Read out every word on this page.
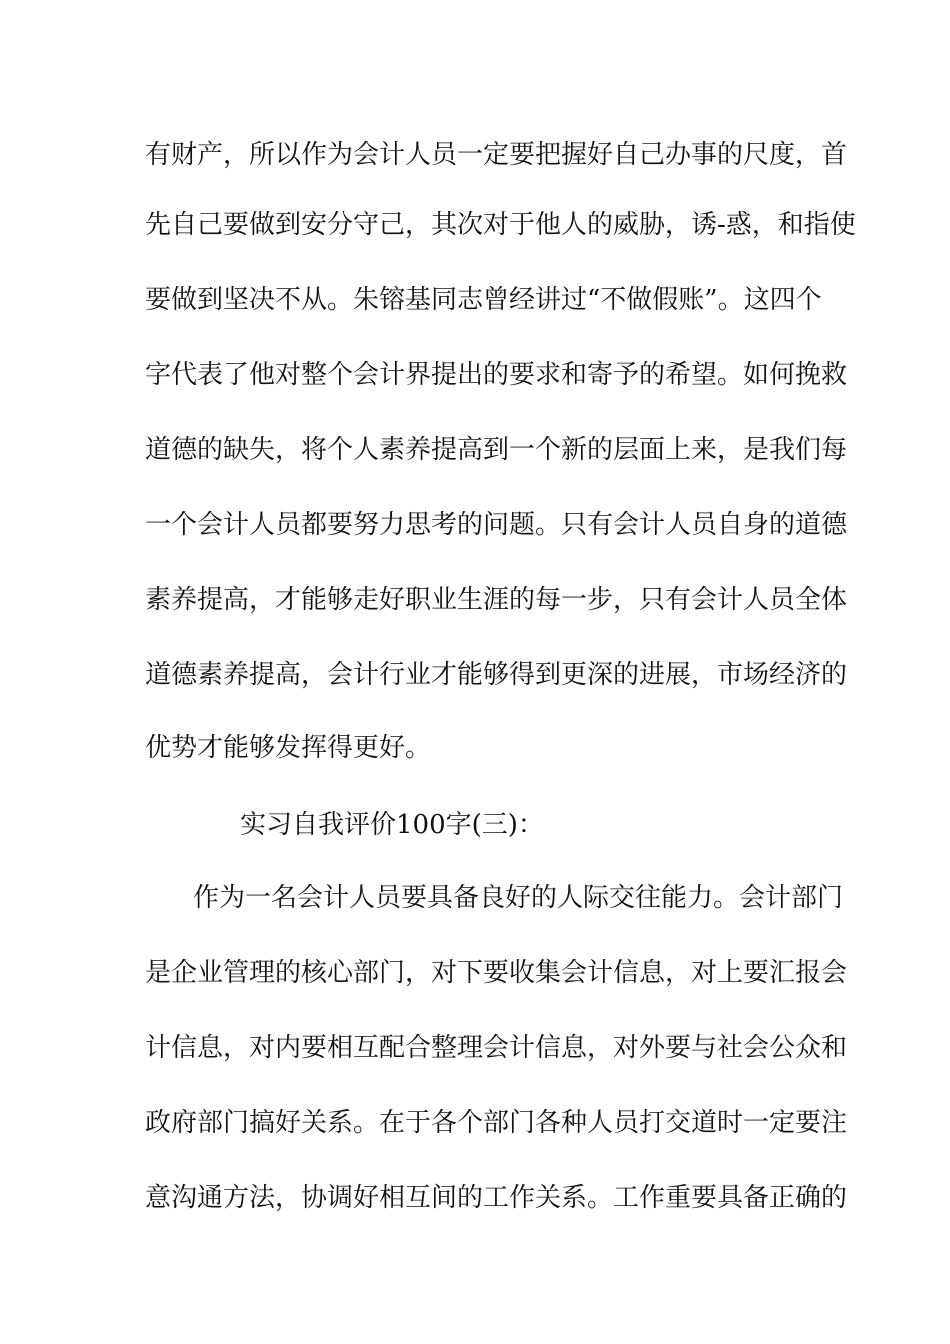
有财产，所以作为会计人员一定要把握好自己办事的尺度，首
先自己要做到安分守己，其次对于他人的威胁，诱-惑，和指使
要做到坚决不从。朱镕基同志曾经讲过“不做假账”。这四个
字代表了他对整个会计界提出的要求和寄予的希望。如何挽救
道德的缺失，将个人素养提高到一个新的层面上来，是我们每
一个会计人员都要努力思考的问题。只有会计人员自身的道德
素养提高，才能够走好职业生涯的每一步，只有会计人员全体
道德素养提高，会计行业才能够得到更深的进展，市场经济的
优势才能够发挥得更好。
实习自我评价100字(三)：
作为一名会计人员要具备良好的人际交往能力。会计部门
是企业管理的核心部门，对下要收集会计信息，对上要汇报会
计信息，对内要相互配合整理会计信息，对外要与社会公众和
政府部门搞好关系。在于各个部门各种人员打交道时一定要注
意沟通方法，协调好相互间的工作关系。工作重要具备正确的
